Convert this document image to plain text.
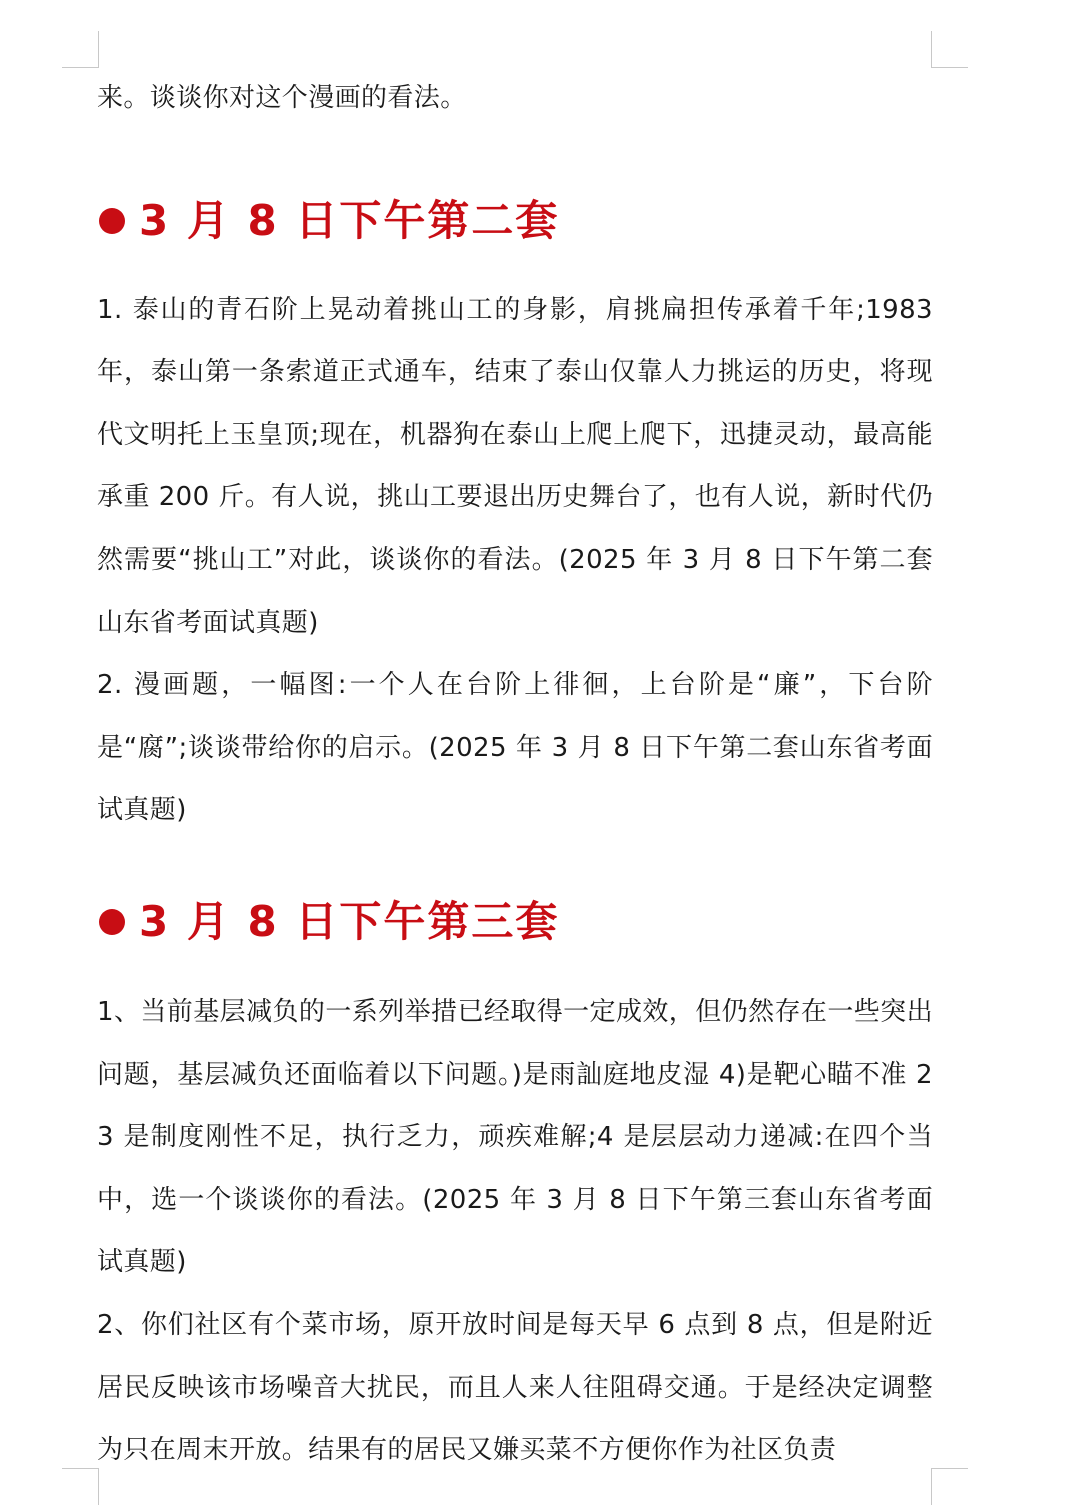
来。谈谈你对这个漫画的看法。

3 月 8 日下午第二套

1. 泰山的青石阶上晃动着挑山工的身影，肩挑扁担传承着千年;1983 年，泰山第一条索道正式通车，结束了泰山仅靠人力挑运的历史，将现代文明托上玉皇顶;现在，机器狗在泰山上爬上爬下，迅捷灵动，最高能承重 200 斤。有人说，挑山工要退出历史舞台了，也有人说，新时代仍然需要“挑山工”对此，谈谈你的看法。(2025 年 3 月 8 日下午第二套山东省考面试真题)

2. 漫画题，一幅图:一个人在台阶上徘徊，上台阶是“廉”，下台阶是“腐”;谈谈带给你的启示。(2025 年 3 月 8 日下午第二套山东省考面试真题)

3 月 8 日下午第三套

1、当前基层减负的一系列举措已经取得一定成效，但仍然存在一些突出问题，基层减负还面临着以下问题。)是雨訕庭地皮湿 4)是靶心瞄不准 23 是制度刚性不足，执行乏力，顽疾难解;4 是层层动力递减:在四个当中，选一个谈谈你的看法。(2025 年 3 月 8 日下午第三套山东省考面试真题)

2、你们社区有个菜市场，原开放时间是每天早 6 点到 8 点，但是附近居民反映该市场噪音大扰民，而且人来人往阻碍交通。于是经决定调整为只在周末开放。结果有的居民又嫌买菜不方便你作为社区负责
